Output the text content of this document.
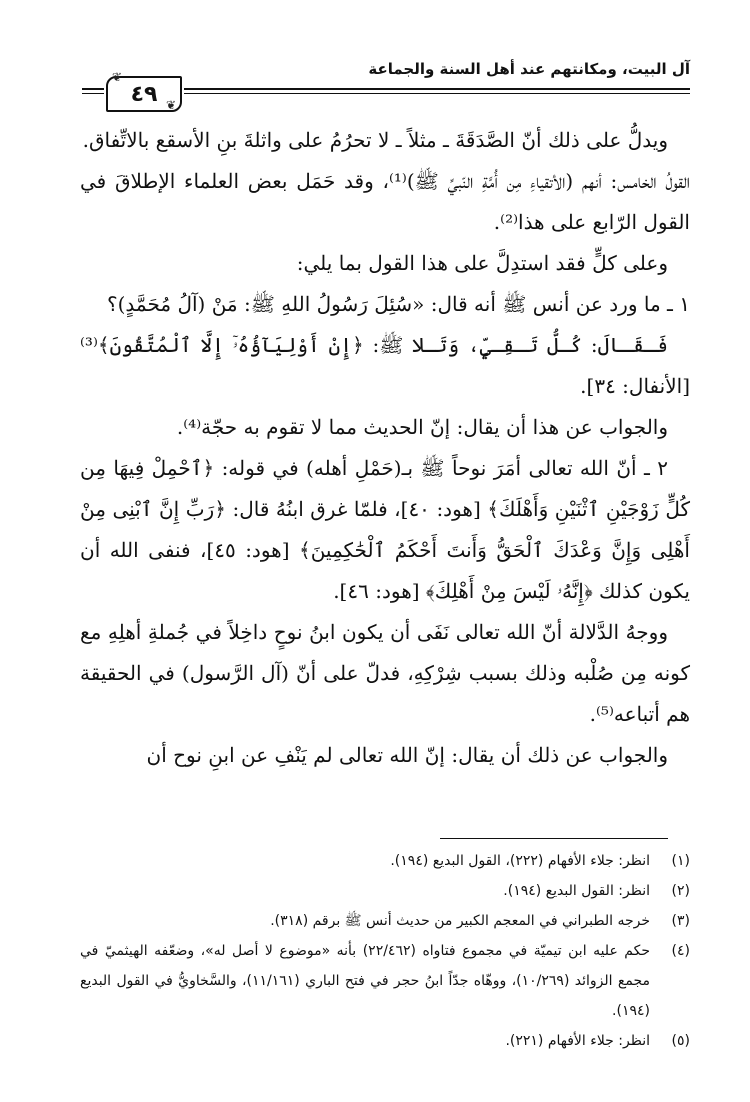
آل البيت، ومكانتهم عند أهل السنة والجماعة
٤٩
❦
❦

ويدلُّ على ذلك أنّ الصَّدَقَةَ ـ مثلاً ـ لا تحرُمُ على واثلةَ بنِ الأسقع بالاتِّفاق.

القولُ الخامس: أنهم (الأتقياءِ مِن أُمَّةِ النّبيِّ ﷺ)⁽¹⁾، وقد حَمَل بعض العلماء الإطلاقَ في القول الرّابع على هذا⁽²⁾.

وعلى كلٍّ فقد استدِلَّ على هذا القول بما يلي:

١ ـ ما ورد عن أنس ﷺ أنه قال: «سُئِلَ رَسُولُ اللهِ ﷺ: مَنْ (آلُ مُحَمَّدٍ)؟

فَـقَـالَ: كُـلُّ تَـقِـيٍّ، وَتَـلا ﷺ: ﴿إِنْ أَوْلِيَآؤُهُۥٓ إِلَّا ٱلْمُتَّقُونَ﴾⁽³⁾ [الأنفال: ٣٤].

والجواب عن هذا أن يقال: إنّ الحديث مما لا تقوم به حجّة⁽⁴⁾.

٢ ـ أنّ الله تعالى أمَرَ نوحاً ﷺ بـ(حَمْلِ أهله) في قوله: ﴿ٱحْمِلْ فِيهَا مِن كُلٍّ زَوْجَيْنِ ٱثْنَيْنِ وَأَهْلَكَ﴾ [هود: ٤٠]، فلمّا غرق ابنُهُ قال: ﴿رَبِّ إِنَّ ٱبْنِى مِنْ أَهْلِى وَإِنَّ وَعْدَكَ ٱلْحَقُّ وَأَنتَ أَحْكَمُ ٱلْحَٰكِمِينَ﴾ [هود: ٤٥]، فنفى الله أن يكون كذلك ﴿إِنَّهُۥ لَيْسَ مِنْ أَهْلِكَ﴾ [هود: ٤٦].

ووجهُ الدَّلالة أنّ الله تعالى نَفَى أن يكون ابنُ نوحٍ داخِلاً في جُملةِ أهلِهِ مع كونه مِن صُلْبه وذلك بسبب شِرْكِهِ، فدلّ على أنّ (آل الرَّسول) في الحقيقة هم أتباعه⁽⁵⁾.

والجواب عن ذلك أن يقال: إنّ الله تعالى لم يَنْفِ عن ابنِ نوح أن

(١)
انظر: جلاء الأفهام (٢٢٢)، القول البديع (١٩٤).
(٢)
انظر: القول البديع (١٩٤).
(٣)
خرجه الطبراني في المعجم الكبير من حديث أنس ﷺ برقم (٣١٨).
(٤)
حكم عليه ابن تيميّة في مجموع فتاواه (٢٢/٤٦٢) بأنه «موضوع لا أصل له»، وضعّفه الهيثميّ في مجمع الزوائد (١٠/٢٦٩)، ووهّاه جدّاً ابنُ حجر في فتح الباري (١١/١٦١)، والسَّخاويُّ في القول البديع (١٩٤).
(٥)
انظر: جلاء الأفهام (٢٢١).
